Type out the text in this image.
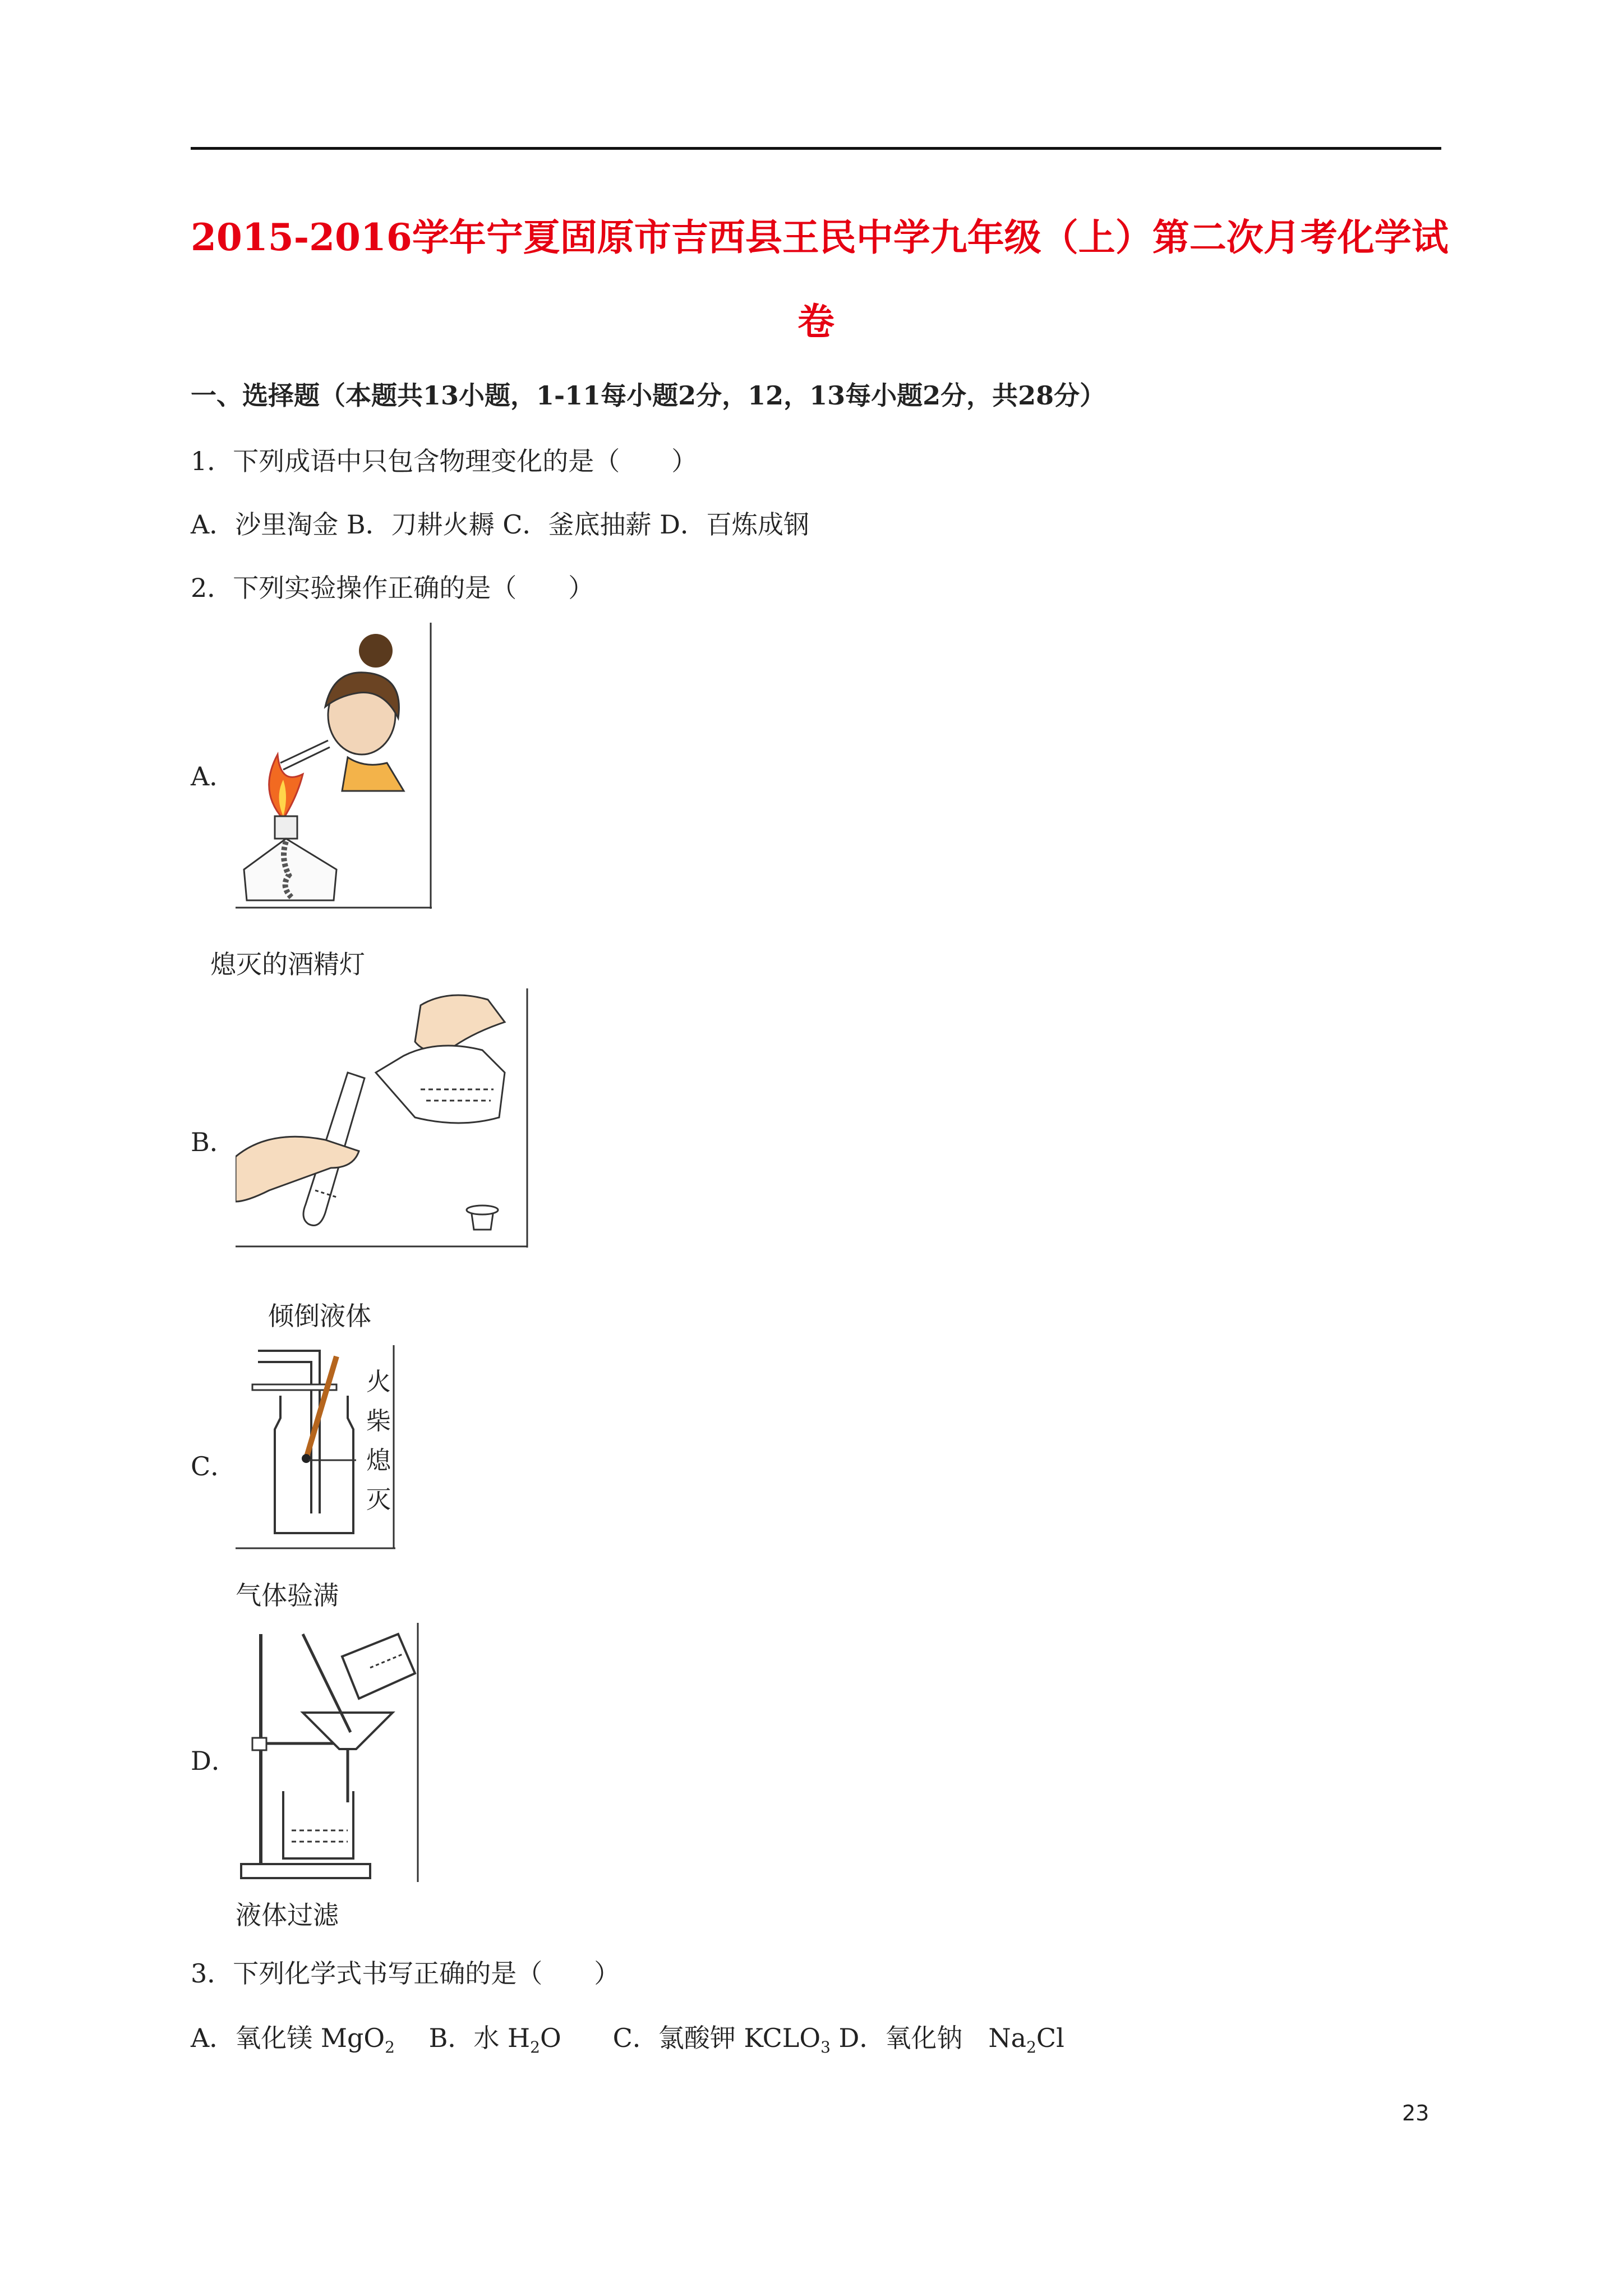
2015-2016学年宁夏固原市吉西县王民中学九年级（上）第二次月考化学试
卷
一、选择题（本题共13小题，1-11每小题2分，12，13每小题2分，共28分）
1．下列成语中只包含物理变化的是（　　）
A．沙里淘金 B．刀耕火耨 C．釜底抽薪 D．百炼成钢
2．下列实验操作正确的是（　　）
A．
熄灭的酒精灯
B．
倾倒液体
C．
火
柴
熄
灭
气体验满
D．
液体过滤
3．下列化学式书写正确的是（　　）
A．氧化镁 MgO$_2$　 B．水 $H_2O$　　 C．氯酸钾 $KCLO_3$ D．氧化钠　$Na_2Cl$
23
